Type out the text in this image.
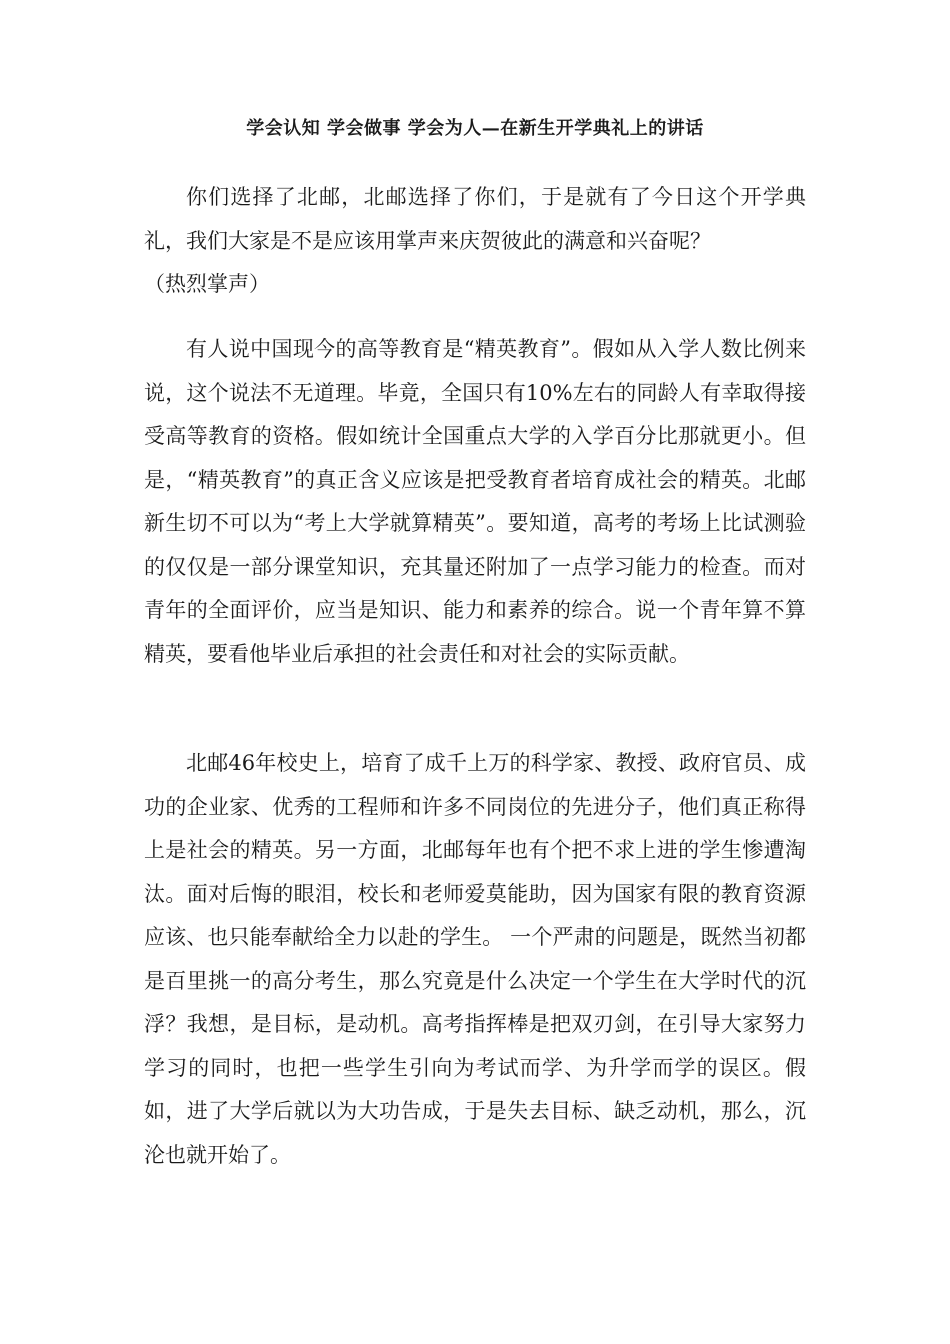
学会认知 学会做事 学会为人—在新生开学典礼上的讲话

你们选择了北邮，北邮选择了你们，于是就有了今日这个开学典礼，我们大家是不是应该用掌声来庆贺彼此的满意和兴奋呢？
（热烈掌声）

有人说中国现今的高等教育是“精英教育”。假如从入学人数比例来说，这个说法不无道理。毕竟，全国只有10%左右的同龄人有幸取得接受高等教育的资格。假如统计全国重点大学的入学百分比那就更小。但是，“精英教育”的真正含义应该是把受教育者培育成社会的精英。北邮新生切不可以为“考上大学就算精英”。要知道，高考的考场上比试测验的仅仅是一部分课堂知识，充其量还附加了一点学习能力的检查。而对青年的全面评价，应当是知识、能力和素养的综合。说一个青年算不算精英，要看他毕业后承担的社会责任和对社会的实际贡献。

北邮46年校史上，培育了成千上万的科学家、教授、政府官员、成功的企业家、优秀的工程师和许多不同岗位的先进分子，他们真正称得上是社会的精英。另一方面，北邮每年也有个把不求上进的学生惨遭淘汰。面对后悔的眼泪，校长和老师爱莫能助，因为国家有限的教育资源应该、也只能奉献给全力以赴的学生。 一个严肃的问题是，既然当初都是百里挑一的高分考生，那么究竟是什么决定一个学生在大学时代的沉浮？我想，是目标，是动机。高考指挥棒是把双刃剑，在引导大家努力学习的同时，也把一些学生引向为考试而学、为升学而学的误区。假如，进了大学后就以为大功告成，于是失去目标、缺乏动机，那么，沉沦也就开始了。
